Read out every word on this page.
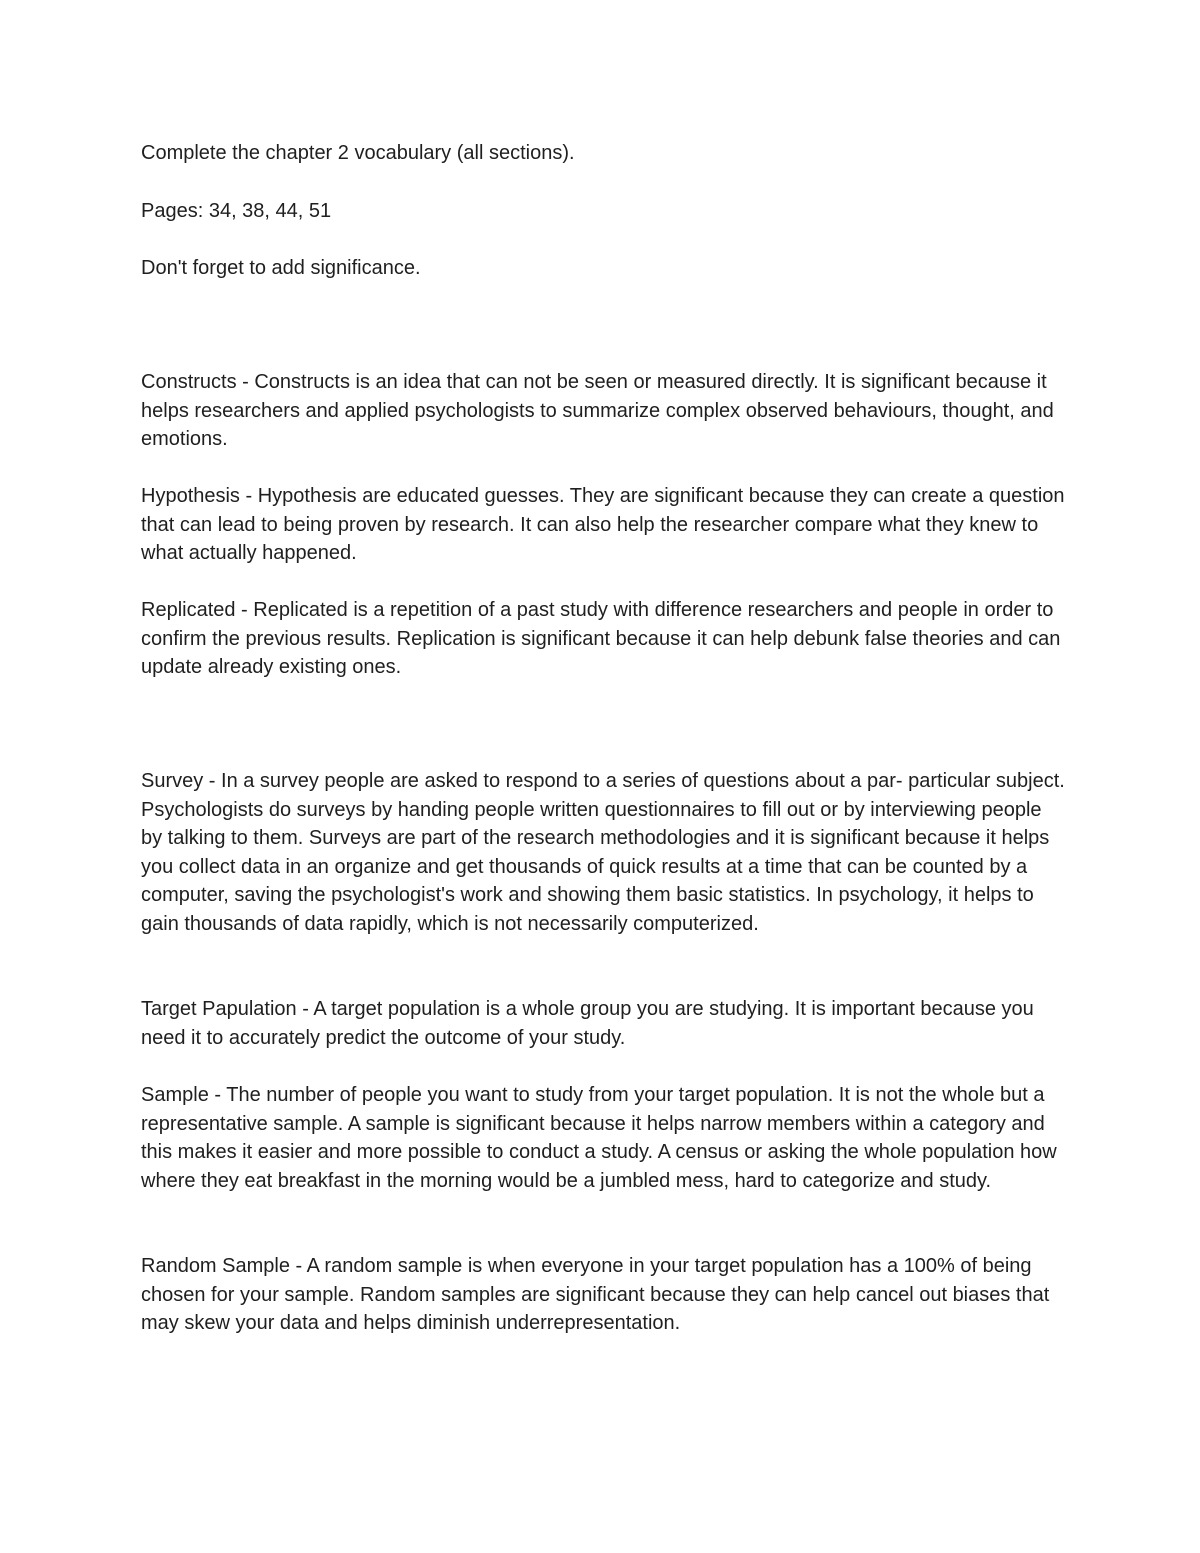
Complete the chapter 2 vocabulary (all sections).

Pages: 34, 38, 44, 51

Don't forget to add significance.

Constructs - Constructs is an idea that can not be seen or measured directly. It is significant because it helps researchers and applied psychologists to summarize complex observed behaviours, thought, and emotions.

Hypothesis - Hypothesis are educated guesses. They are significant because they can create a question that can lead to being proven by research. It can also help the researcher compare what they knew to what actually happened.

Replicated - Replicated is a repetition of a past study with difference researchers and people in order to confirm the previous results. Replication is significant because it can help debunk false theories and can update already existing ones.

Survey - In a survey people are asked to respond to a series of questions about a par- particular subject. Psychologists do surveys by handing people written questionnaires to fill out or by interviewing people by talking to them. Surveys are part of the research methodologies and it is significant because it helps you collect data in an organize and get thousands of quick results at a time that can be counted by a computer, saving the psychologist's work and showing them basic statistics. In psychology, it helps to gain thousands of data rapidly, which is not necessarily computerized.

Target Papulation - A target population is a whole group you are studying. It is important because you need it to accurately predict the outcome of your study.

Sample - The number of people you want to study from your target population. It is not the whole but a representative sample. A sample is significant because it helps narrow members within a category and this makes it easier and more possible to conduct a study. A census or asking the whole population how where they eat breakfast in the morning would be a jumbled mess, hard to categorize and study.

Random Sample - A random sample is when everyone in your target population has a 100% of being chosen for your sample. Random samples are significant because they can help cancel out biases that may skew your data and helps diminish underrepresentation.
